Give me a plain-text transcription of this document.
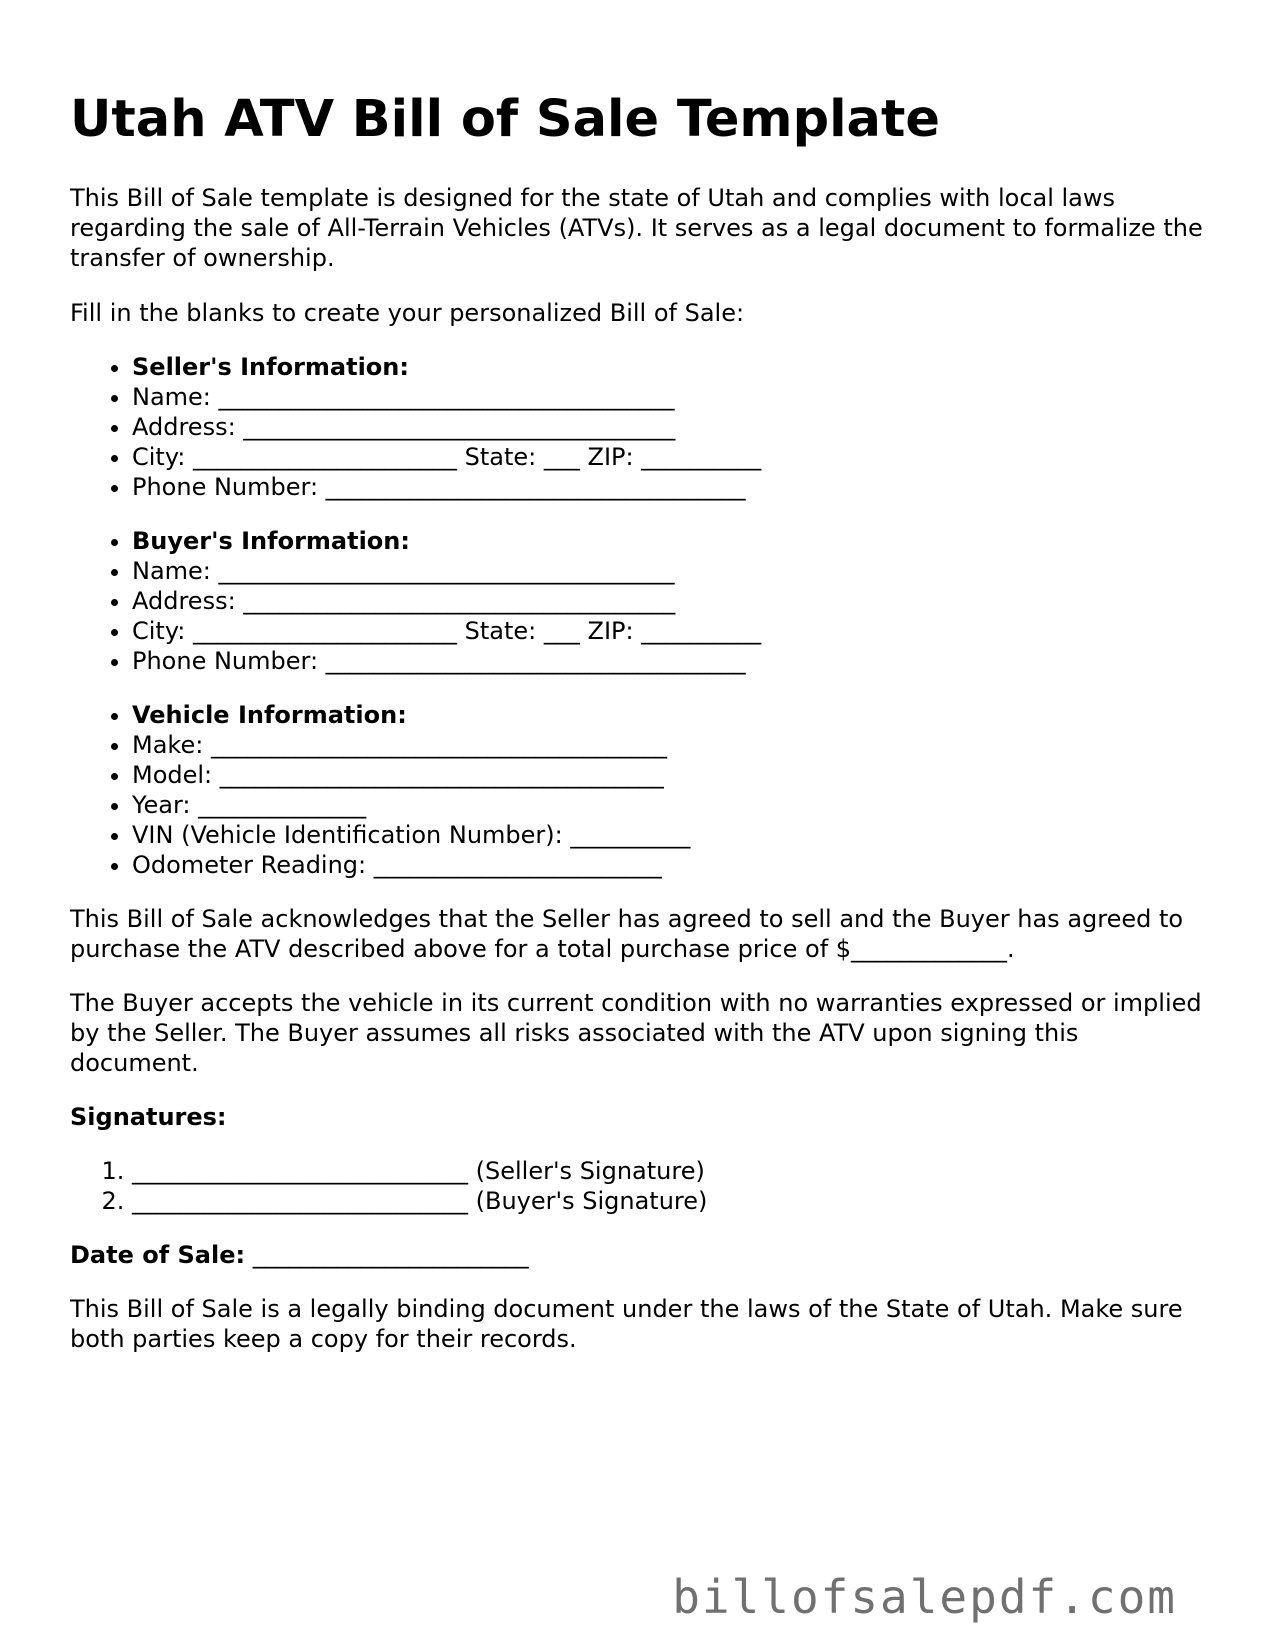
Utah ATV Bill of Sale Template

This Bill of Sale template is designed for the state of Utah and complies with local laws regarding the sale of All-Terrain Vehicles (ATVs). It serves as a legal document to formalize the transfer of ownership.

Fill in the blanks to create your personalized Bill of Sale:

• Seller's Information:
• Name: ______________________________________
• Address: ____________________________________
• City: ______________________ State: ___ ZIP: __________
• Phone Number: ___________________________________
• Buyer's Information:
• Name: ______________________________________
• Address: ____________________________________
• City: ______________________ State: ___ ZIP: __________
• Phone Number: ___________________________________
• Vehicle Information:
• Make: ______________________________________
• Model: _____________________________________
• Year: ______________
• VIN (Vehicle Identification Number): __________
• Odometer Reading: ________________________

This Bill of Sale acknowledges that the Seller has agreed to sell and the Buyer has agreed to purchase the ATV described above for a total purchase price of $_____________.

The Buyer accepts the vehicle in its current condition with no warranties expressed or implied by the Seller. The Buyer assumes all risks associated with the ATV upon signing this document.

Signatures:

1. ____________________________ (Seller's Signature)
2. ____________________________ (Buyer's Signature)

Date of Sale: _______________________

This Bill of Sale is a legally binding document under the laws of the State of Utah. Make sure both parties keep a copy for their records.

billofsalepdf.com
